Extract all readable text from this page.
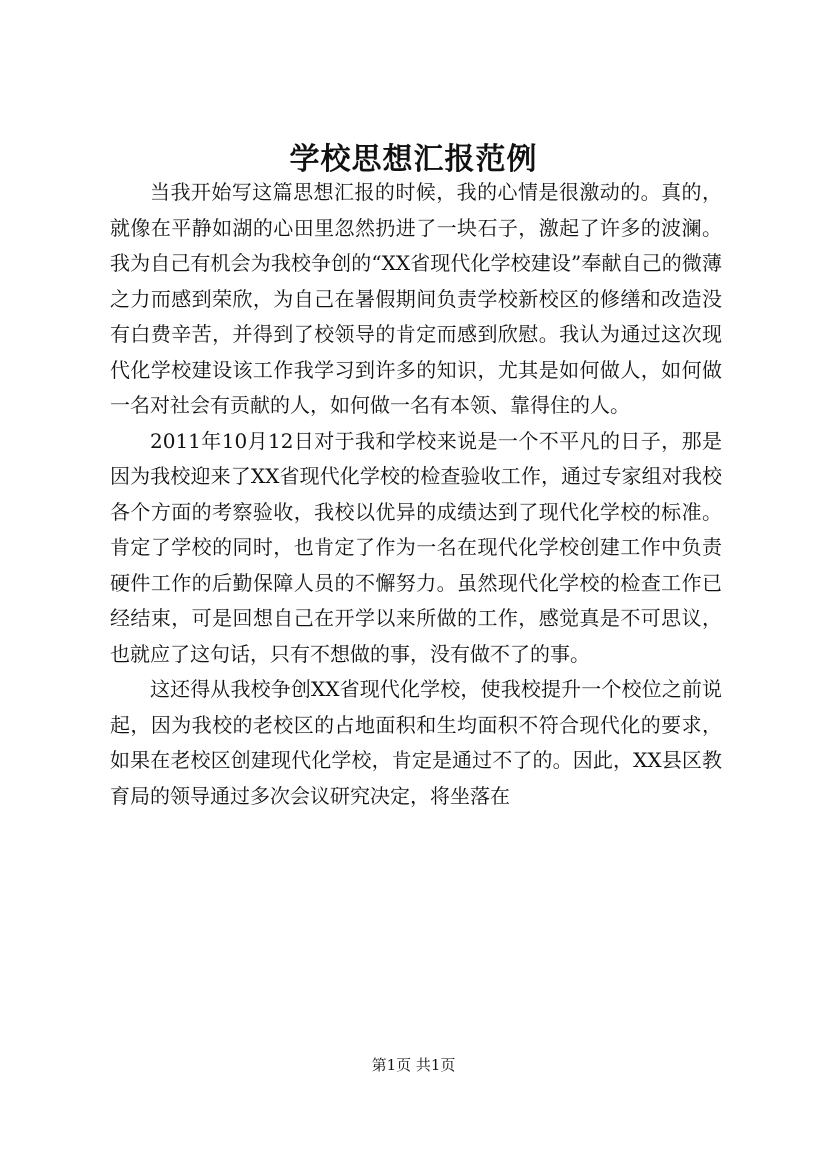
学校思想汇报范例

当我开始写这篇思想汇报的时候，我的心情是很激动的。真的，就像在平静如湖的心田里忽然扔进了一块石子，激起了许多的波澜。我为自己有机会为我校争创的“XX省现代化学校建设”奉献自己的微薄之力而感到荣欣，为自己在暑假期间负责学校新校区的修缮和改造没有白费辛苦，并得到了校领导的肯定而感到欣慰。我认为通过这次现代化学校建设该工作我学习到许多的知识，尤其是如何做人，如何做一名对社会有贡献的人，如何做一名有本领、靠得住的人。

2011年10月12日对于我和学校来说是一个不平凡的日子，那是因为我校迎来了XX省现代化学校的检查验收工作，通过专家组对我校各个方面的考察验收，我校以优异的成绩达到了现代化学校的标准。肯定了学校的同时，也肯定了作为一名在现代化学校创建工作中负责硬件工作的后勤保障人员的不懈努力。虽然现代化学校的检查工作已经结束，可是回想自己在开学以来所做的工作，感觉真是不可思议，也就应了这句话，只有不想做的事，没有做不了的事。

这还得从我校争创XX省现代化学校，使我校提升一个校位之前说起，因为我校的老校区的占地面积和生均面积不符合现代化的要求，如果在老校区创建现代化学校，肯定是通过不了的。因此，XX县区教育局的领导通过多次会议研究决定，将坐落在

第1页 共1页
